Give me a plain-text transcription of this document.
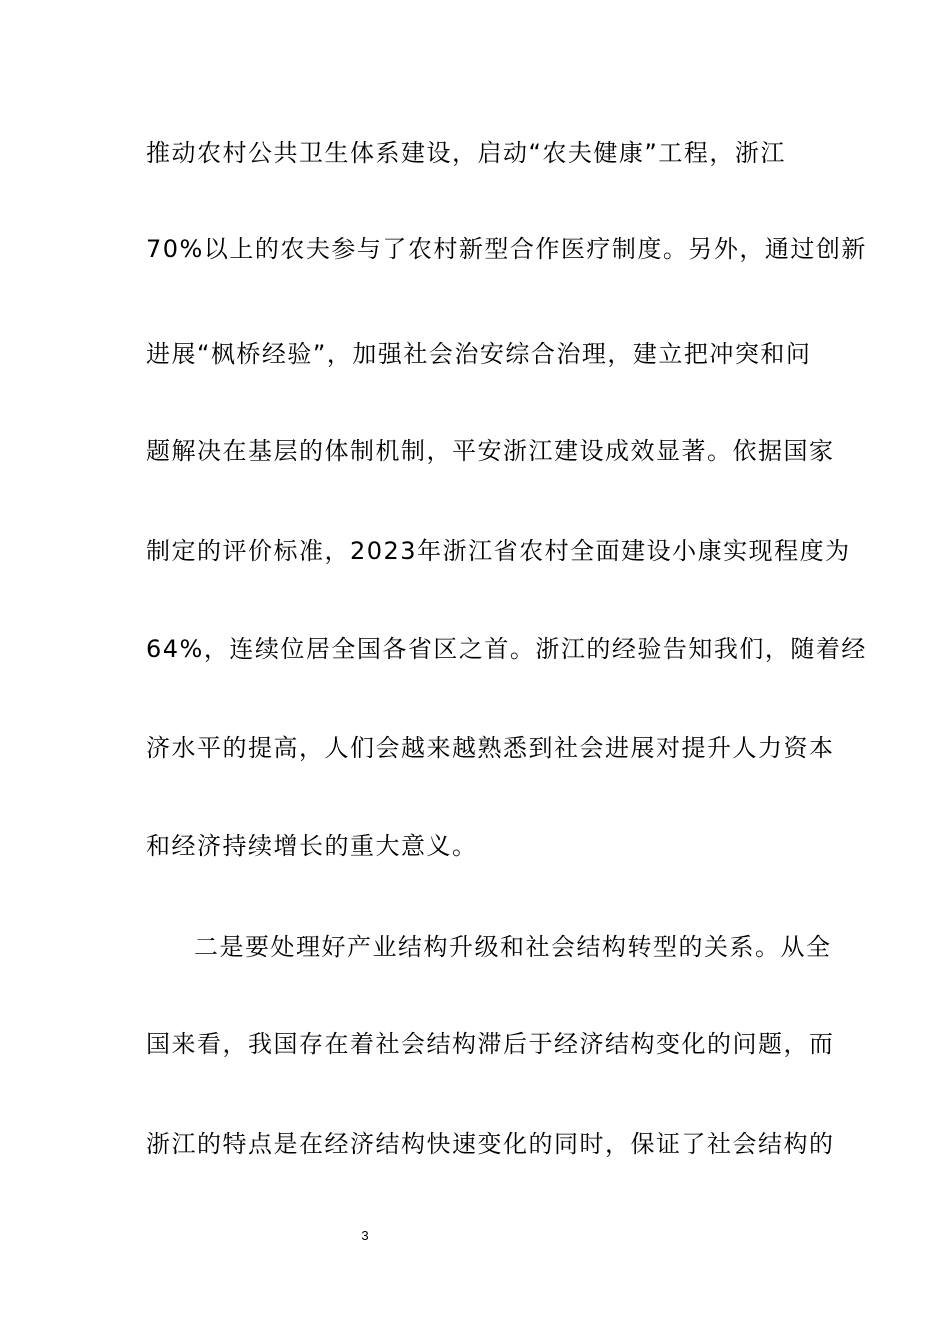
推动农村公共卫生体系建设，启动“农夫健康”工程，浙江
70%以上的农夫参与了农村新型合作医疗制度。另外，通过创新
进展“枫桥经验”，加强社会治安综合治理，建立把冲突和问
题解决在基层的体制机制，平安浙江建设成效显著。依据国家
制定的评价标准，2023年浙江省农村全面建设小康实现程度为
64%，连续位居全国各省区之首。浙江的经验告知我们，随着经
济水平的提高，人们会越来越熟悉到社会进展对提升人力资本
和经济持续增长的重大意义。
二是要处理好产业结构升级和社会结构转型的关系。从全
国来看，我国存在着社会结构滞后于经济结构变化的问题，而
浙江的特点是在经济结构快速变化的同时，保证了社会结构的
3
